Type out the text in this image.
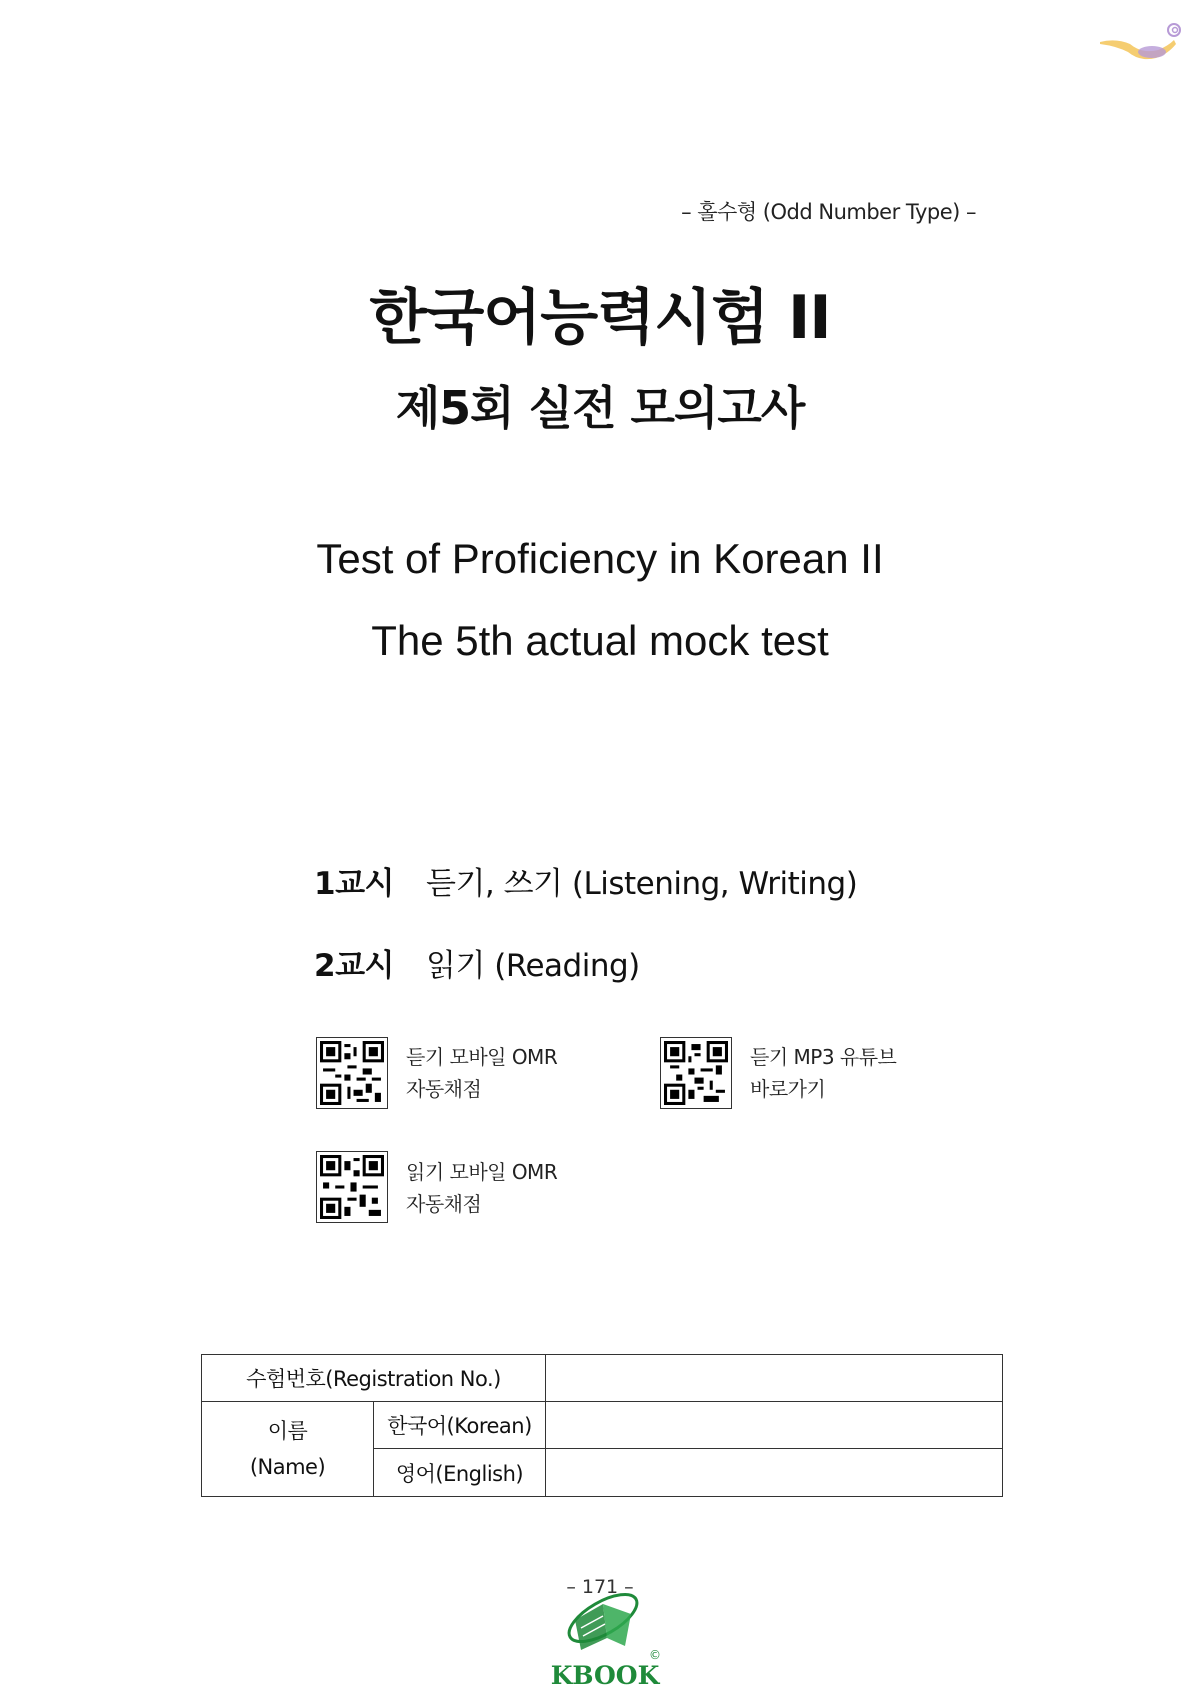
– 홀수형 (Odd Number Type) –
한국어능력시험 II
제5회 실전 모의고사
Test of Proficiency in Korean II
The 5th actual mock test
1교시 듣기, 쓰기 (Listening, Writing)
2교시 읽기 (Reading)
듣기 모바일 OMR
자동채점
듣기 MP3 유튜브
바로가기
읽기 모바일 OMR
자동채점
수험번호(Registration No.)		

이름
(Name)	한국어(Korean)	
	영어(English)	
– 171 –
©
KBOOK
